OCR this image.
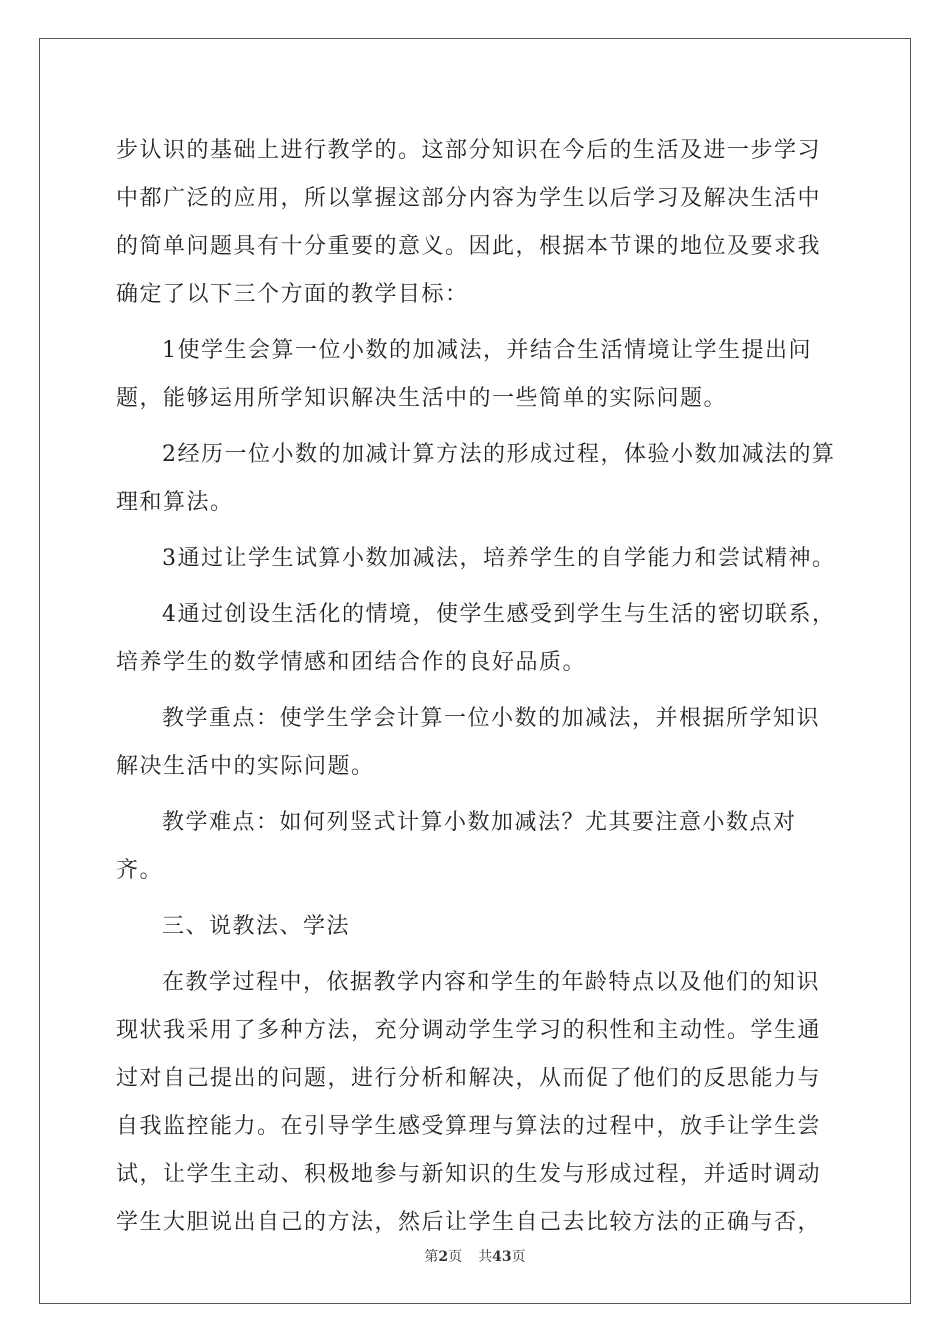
步认识的基础上进行教学的。这部分知识在今后的生活及进一步学习中都广泛的应用，所以掌握这部分内容为学生以后学习及解决生活中的简单问题具有十分重要的意义。因此，根据本节课的地位及要求我确定了以下三个方面的教学目标：

1使学生会算一位小数的加减法，并结合生活情境让学生提出问题，能够运用所学知识解决生活中的一些简单的实际问题。

2经历一位小数的加减计算方法的形成过程，体验小数加减法的算理和算法。

3通过让学生试算小数加减法，培养学生的自学能力和尝试精神。

4通过创设生活化的情境，使学生感受到学生与生活的密切联系，培养学生的数学情感和团结合作的良好品质。

教学重点：使学生学会计算一位小数的加减法，并根据所学知识解决生活中的实际问题。

教学难点：如何列竖式计算小数加减法？尤其要注意小数点对齐。

三、说教法、学法

在教学过程中，依据教学内容和学生的年龄特点以及他们的知识现状我采用了多种方法，充分调动学生学习的积性和主动性。学生通过对自己提出的问题，进行分析和解决，从而促了他们的反思能力与自我监控能力。在引导学生感受算理与算法的过程中，放手让学生尝试，让学生主动、积极地参与新知识的生发与形成过程，并适时调动学生大胆说出自己的方法，然后让学生自己去比较方法的正确与否，

第2页 共43页
